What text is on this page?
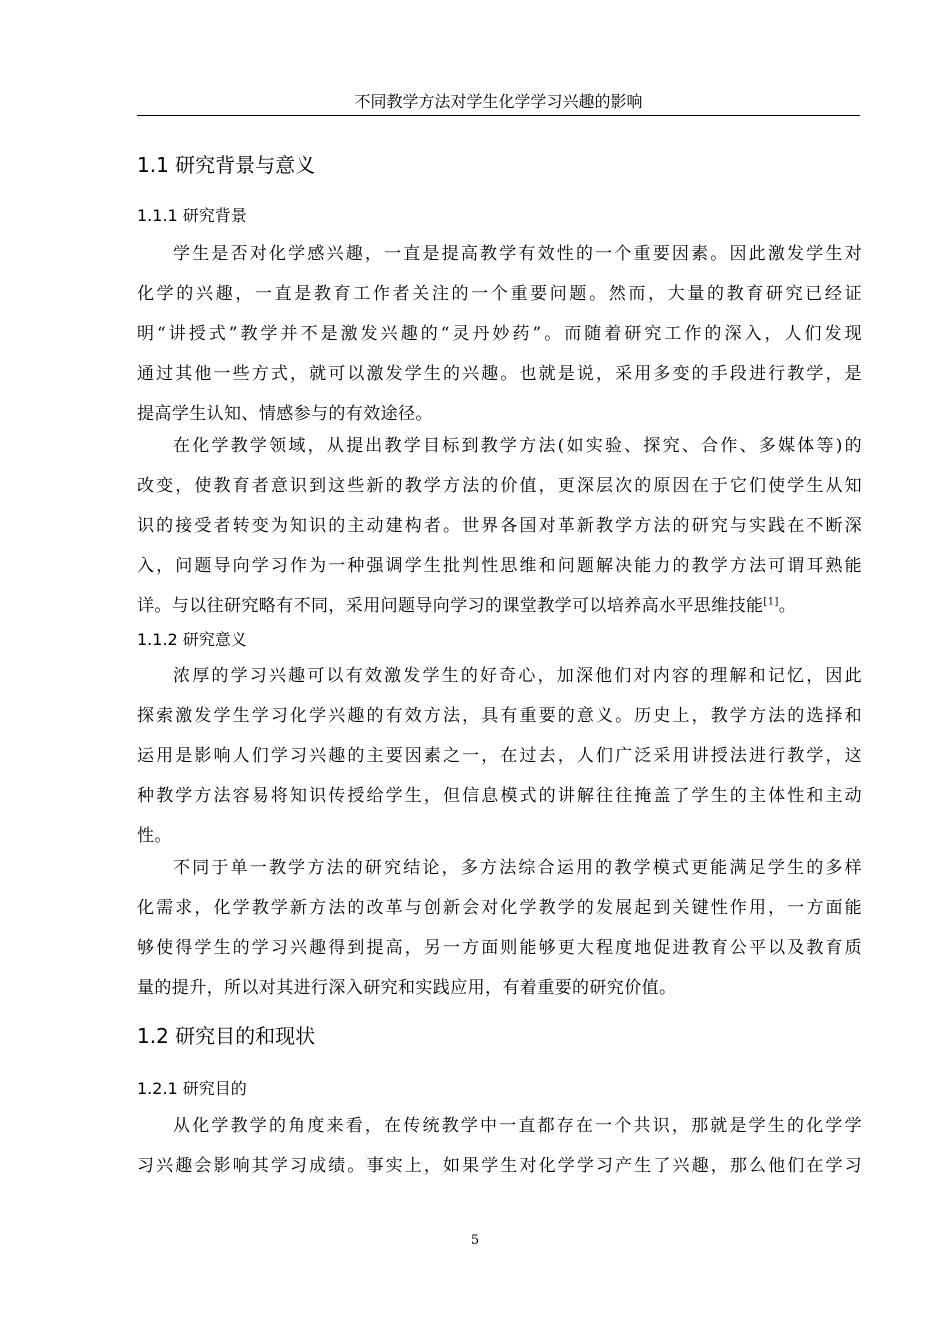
不同教学方法对学生化学学习兴趣的影响
1.1 研究背景与意义
1.1.1 研究背景
学生是否对化学感兴趣，一直是提高教学有效性的一个重要因素。因此激发学生对
化学的兴趣，一直是教育工作者关注的一个重要问题。然而，大量的教育研究已经证
明“讲授式”教学并不是激发兴趣的“灵丹妙药”。而随着研究工作的深入，人们发现
通过其他一些方式，就可以激发学生的兴趣。也就是说，采用多变的手段进行教学，是
提高学生认知、情感参与的有效途径。
在化学教学领域，从提出教学目标到教学方法(如实验、探究、合作、多媒体等)的
改变，使教育者意识到这些新的教学方法的价值，更深层次的原因在于它们使学生从知
识的接受者转变为知识的主动建构者。世界各国对革新教学方法的研究与实践在不断深
入，问题导向学习作为一种强调学生批判性思维和问题解决能力的教学方法可谓耳熟能
详。与以往研究略有不同，采用问题导向学习的课堂教学可以培养高水平思维技能[1]。
1.1.2 研究意义
浓厚的学习兴趣可以有效激发学生的好奇心，加深他们对内容的理解和记忆，因此
探索激发学生学习化学兴趣的有效方法，具有重要的意义。历史上，教学方法的选择和
运用是影响人们学习兴趣的主要因素之一，在过去，人们广泛采用讲授法进行教学，这
种教学方法容易将知识传授给学生，但信息模式的讲解往往掩盖了学生的主体性和主动
性。
不同于单一教学方法的研究结论，多方法综合运用的教学模式更能满足学生的多样
化需求，化学教学新方法的改革与创新会对化学教学的发展起到关键性作用，一方面能
够使得学生的学习兴趣得到提高，另一方面则能够更大程度地促进教育公平以及教育质
量的提升，所以对其进行深入研究和实践应用，有着重要的研究价值。
1.2 研究目的和现状
1.2.1 研究目的
从化学教学的角度来看，在传统教学中一直都存在一个共识，那就是学生的化学学
习兴趣会影响其学习成绩。事实上，如果学生对化学学习产生了兴趣，那么他们在学习
5
